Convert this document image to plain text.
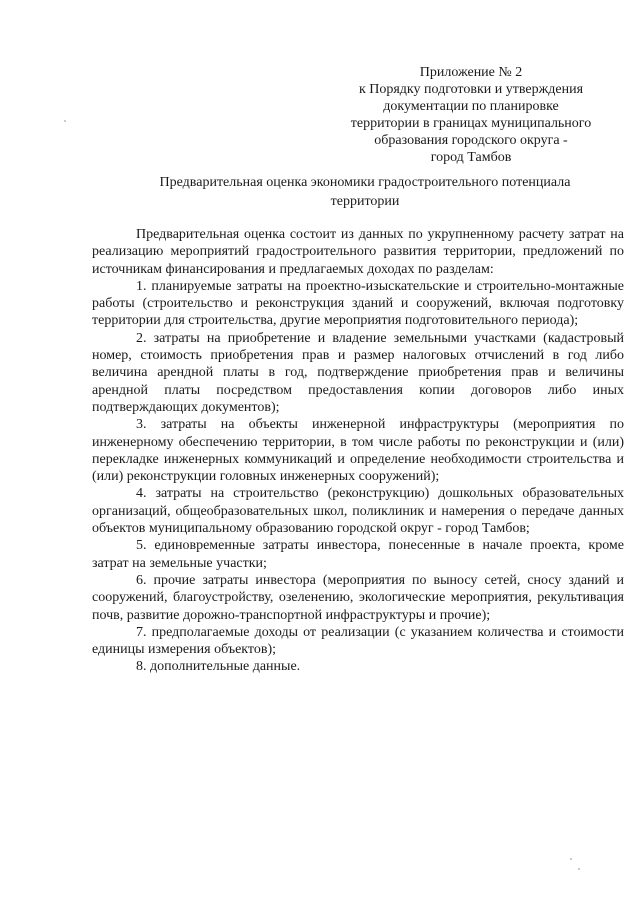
Приложение № 2
к Порядку подготовки и утверждения
документации по планировке
территории в границах муниципального
образования городского округа -
город Тамбов
Предварительная оценка экономики градостроительного потенциала
территории

Предварительная оценка состоит из данных по укрупненному расчету затрат на реализацию мероприятий градостроительного развития территории, предложений по источникам финансирования и предлагаемых доходах по разделам:

1. планируемые затраты на проектно-изыскательские и строительно-монтажные работы (строительство и реконструкция зданий и сооружений, включая подготовку территории для строительства, другие мероприятия подготовительного периода);

2. затраты на приобретение и владение земельными участками (кадастровый номер, стоимость приобретения прав и размер налоговых отчислений в год либо величина арендной платы в год, подтверждение приобретения прав и величины арендной платы посредством предоставления копии договоров либо иных подтверждающих документов);

3. затраты на объекты инженерной инфраструктуры (мероприятия по инженерному обеспечению территории, в том числе работы по реконструкции и (или) перекладке инженерных коммуникаций и определение необходимости строительства и (или) реконструкции головных инженерных сооружений);

4. затраты на строительство (реконструкцию) дошкольных образовательных организаций, общеобразовательных школ, поликлиник и намерения о передаче данных объектов муниципальному образованию городской округ - город Тамбов;

5. единовременные затраты инвестора, понесенные в начале проекта, кроме затрат на земельные участки;

6. прочие затраты инвестора (мероприятия по выносу сетей, сносу зданий и сооружений, благоустройству, озеленению, экологические мероприятия, рекультивация почв, развитие дорожно-транспортной инфраструктуры и прочие);

7. предполагаемые доходы от реализации (с указанием количества и стоимости единицы измерения объектов);

8. дополнительные данные.
